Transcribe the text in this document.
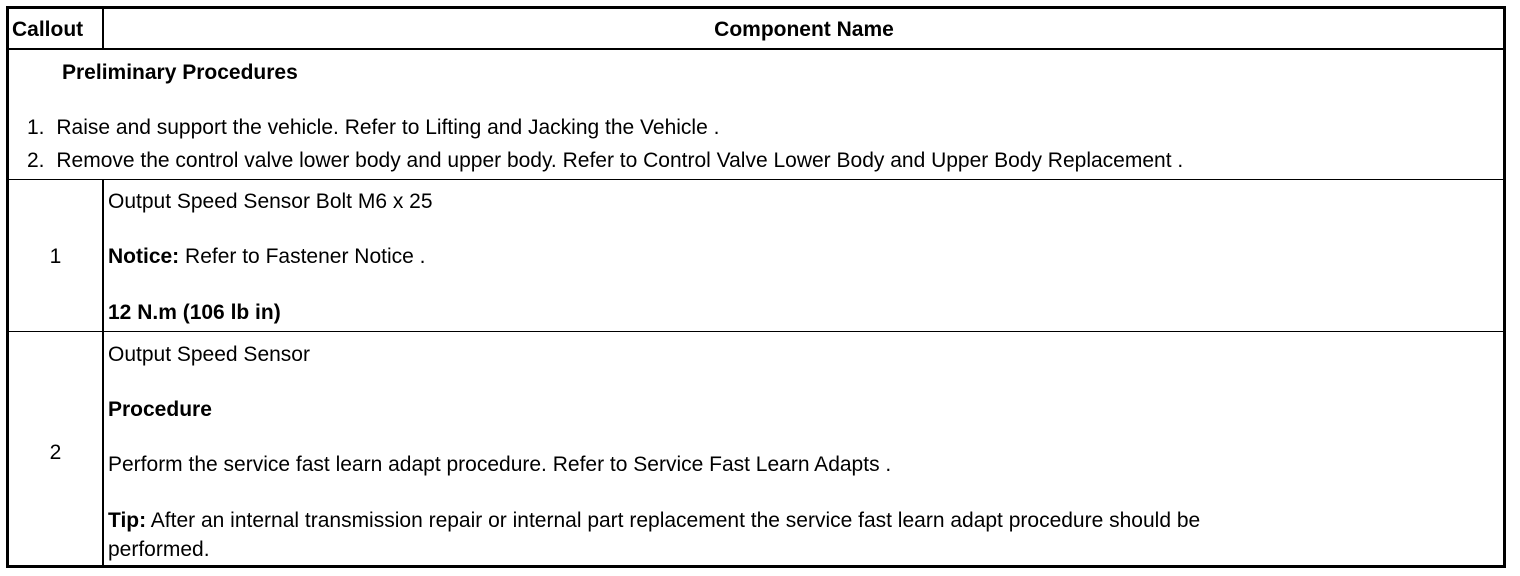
Callout	Component Name
Preliminary Procedures
1. Raise and support the vehicle. Refer to Lifting and Jacking the Vehicle .
2. Remove the control valve lower body and upper body. Refer to Control Valve Lower Body and Upper Body Replacement .
1
Output Speed Sensor Bolt M6 x 25
Notice: Refer to Fastener Notice .
12 N.m (106 lb in)
2
Output Speed Sensor
Procedure
Perform the service fast learn adapt procedure. Refer to Service Fast Learn Adapts .
Tip: After an internal transmission repair or internal part replacement the service fast learn adapt procedure should be
performed.
